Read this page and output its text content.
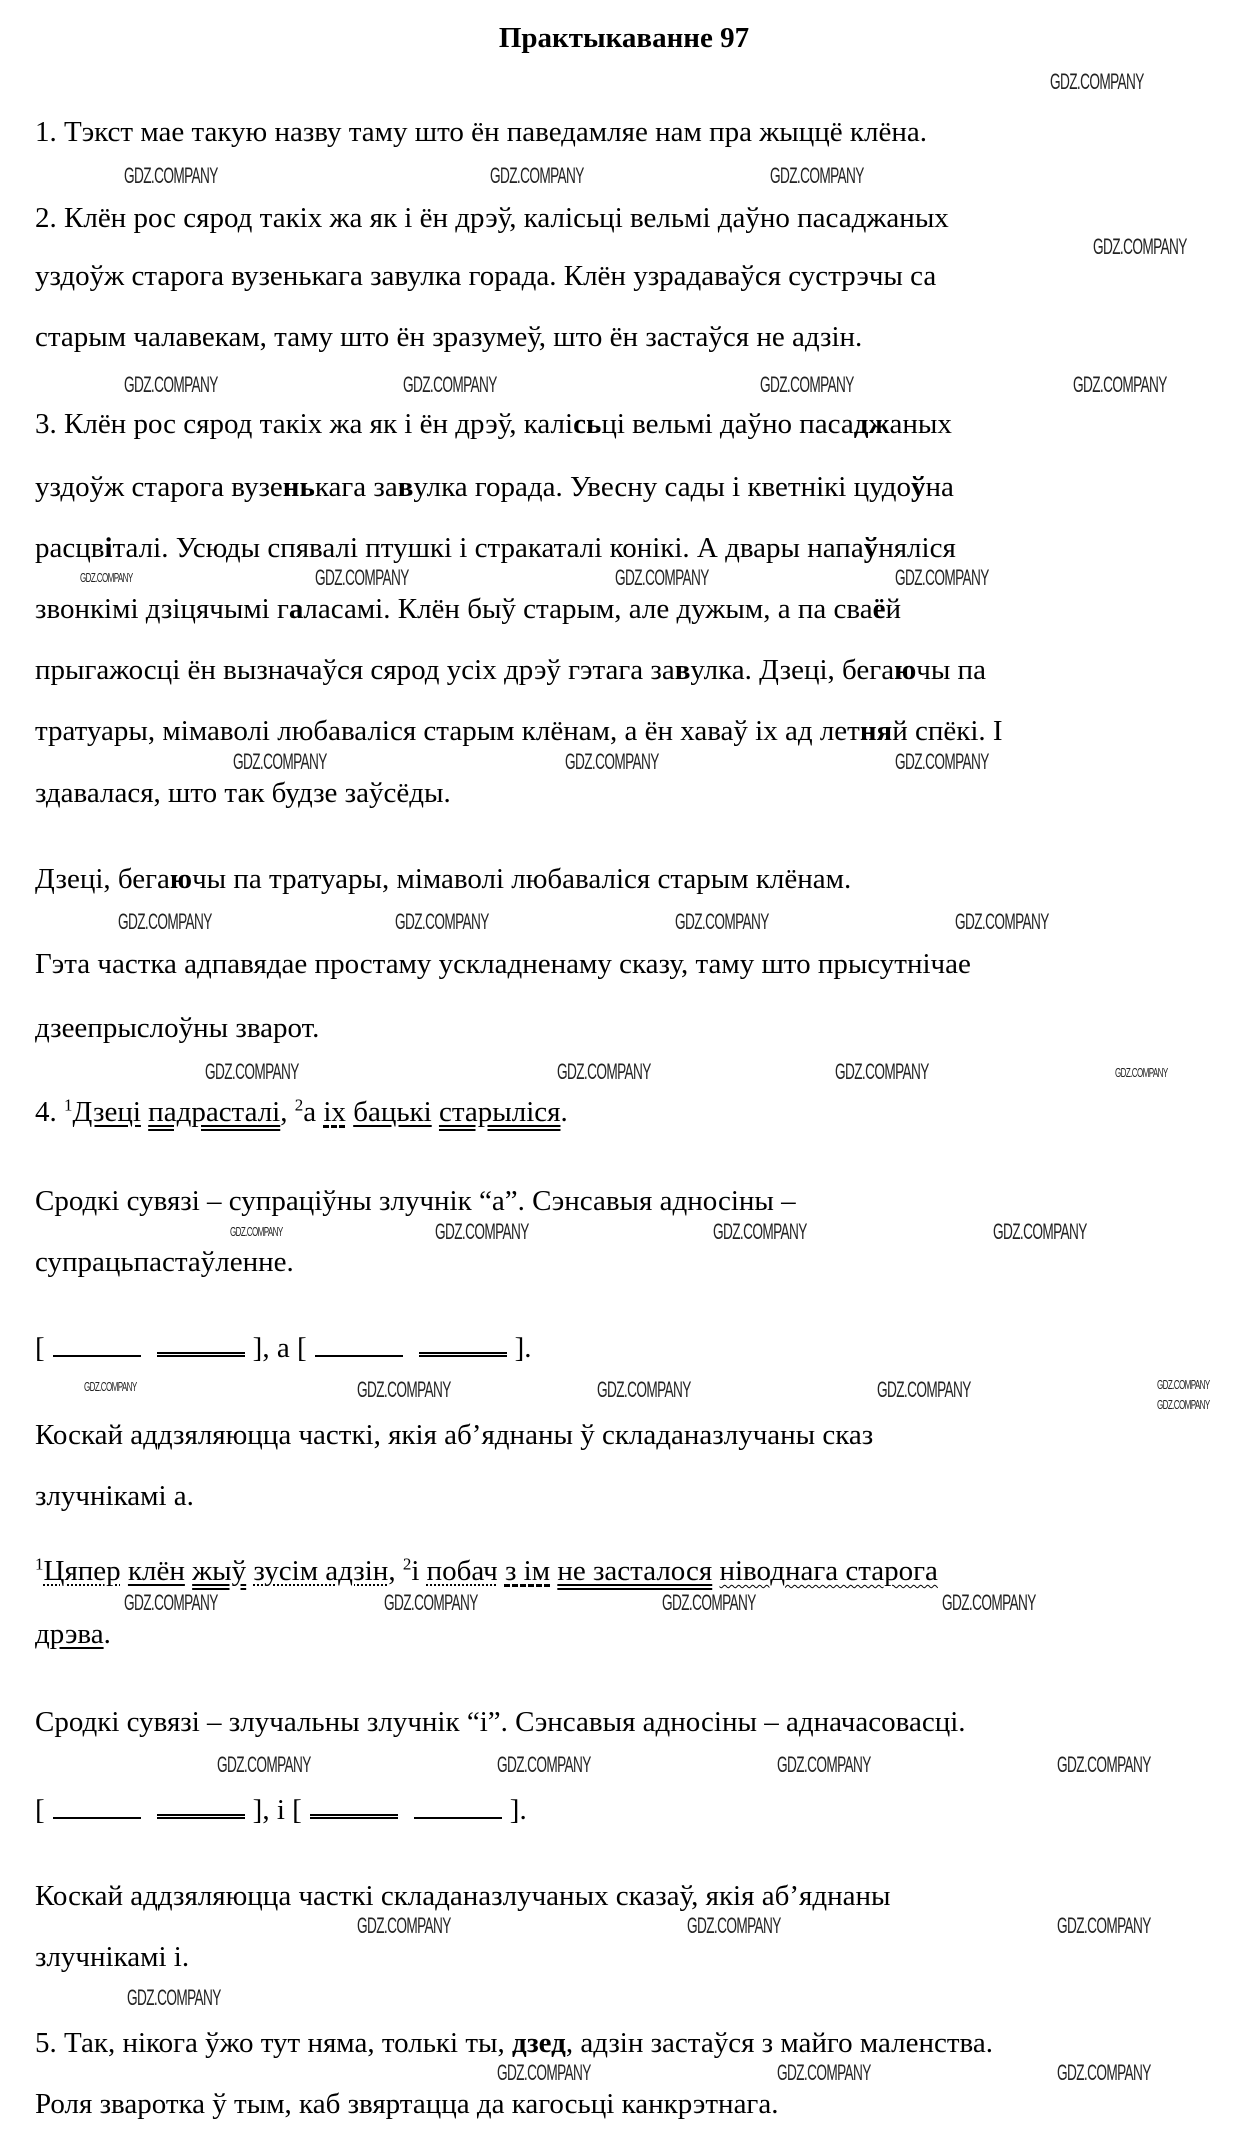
Практыкаванне 97
1. Тэкст мае такую назву таму што ён паведамляе нам пра жыццё клёна.
2. Клён рос сярод такіх жа як і ён дрэў, калісьці вельмі даўно пасаджаных
уздоўж старога вузенькага завулка горада. Клён узрадаваўся сустрэчы са
старым чалавекам, таму што ён зразумеў, што ён застаўся не адзін.
3. Клён рос сярод такіх жа як і ён дрэў, калісьці вельмі даўно пасаджаных
уздоўж старога вузенькага завулка горада. Увесну сады і кветнікі цудоўна
расцвіталі. Усюды спявалі птушкі і стракаталі конікі. А двары напаўняліся
звонкімі дзіцячымі галасамі. Клён быў старым, але дужым, а па сваёй
прыгажосці ён вызначаўся сярод усіх дрэў гэтага завулка. Дзеці, бегаючы па
тратуары, мімаволі любаваліся старым клёнам, а ён хаваў іх ад летняй спёкі. І
здавалася, што так будзе заўсёды.
Дзеці, бегаючы па тратуары, мімаволі любаваліся старым клёнам.
Гэта частка адпавядае простаму ускладненаму сказу, таму што прысутнічае
дзеепрыслоўны зварот.
4. $^1$Дзеці падрасталі, $^2$а іх бацькі старыліся.
Сродкі сувязі – супраціўны злучнік “а”. Сэнсавыя адносіны –
супрацьпастаўленне.
[	], а [	].
Коскай аддзяляюцца часткі, якія аб’яднаны ў складаназлучаны сказ
злучнікамі а.
$^1$Цяпер клён жыў зусім адзін, $^2$і побач з ім не засталося ніводнага старога
дрэва.
Сродкі сувязі – злучальны злучнік “і”. Сэнсавыя адносіны – адначасовасці.
[	], і [	].
Коскай аддзяляюцца часткі складаназлучаных сказаў, якія аб’яднаны
злучнікамі і.
5. Так, нікога ўжо тут няма, толькі ты, дзед, адзін застаўся з майго маленства.
Роля зваротка ў тым, каб звяртацца да кагосьці канкрэтнага.
GDZ.COMPANY
GDZ.COMPANY	GDZ.COMPANY	GDZ.COMPANY
GDZ.COMPANY
GDZ.COMPANY	GDZ.COMPANY	GDZ.COMPANY	GDZ.COMPANY
GDZ.COMPANY	GDZ.COMPANY	GDZ.COMPANY	GDZ.COMPANY
GDZ.COMPANY	GDZ.COMPANY	GDZ.COMPANY
GDZ.COMPANY	GDZ.COMPANY	GDZ.COMPANY	GDZ.COMPANY
GDZ.COMPANY	GDZ.COMPANY	GDZ.COMPANY	GDZ.COMPANY
GDZ.COMPANY	GDZ.COMPANY	GDZ.COMPANY	GDZ.COMPANY
GDZ.COMPANY	GDZ.COMPANY	GDZ.COMPANY	GDZ.COMPANY	GDZ.COMPANY
GDZ.COMPANY
GDZ.COMPANY	GDZ.COMPANY	GDZ.COMPANY	GDZ.COMPANY
GDZ.COMPANY	GDZ.COMPANY	GDZ.COMPANY	GDZ.COMPANY
GDZ.COMPANY	GDZ.COMPANY	GDZ.COMPANY
GDZ.COMPANY
GDZ.COMPANY	GDZ.COMPANY	GDZ.COMPANY
